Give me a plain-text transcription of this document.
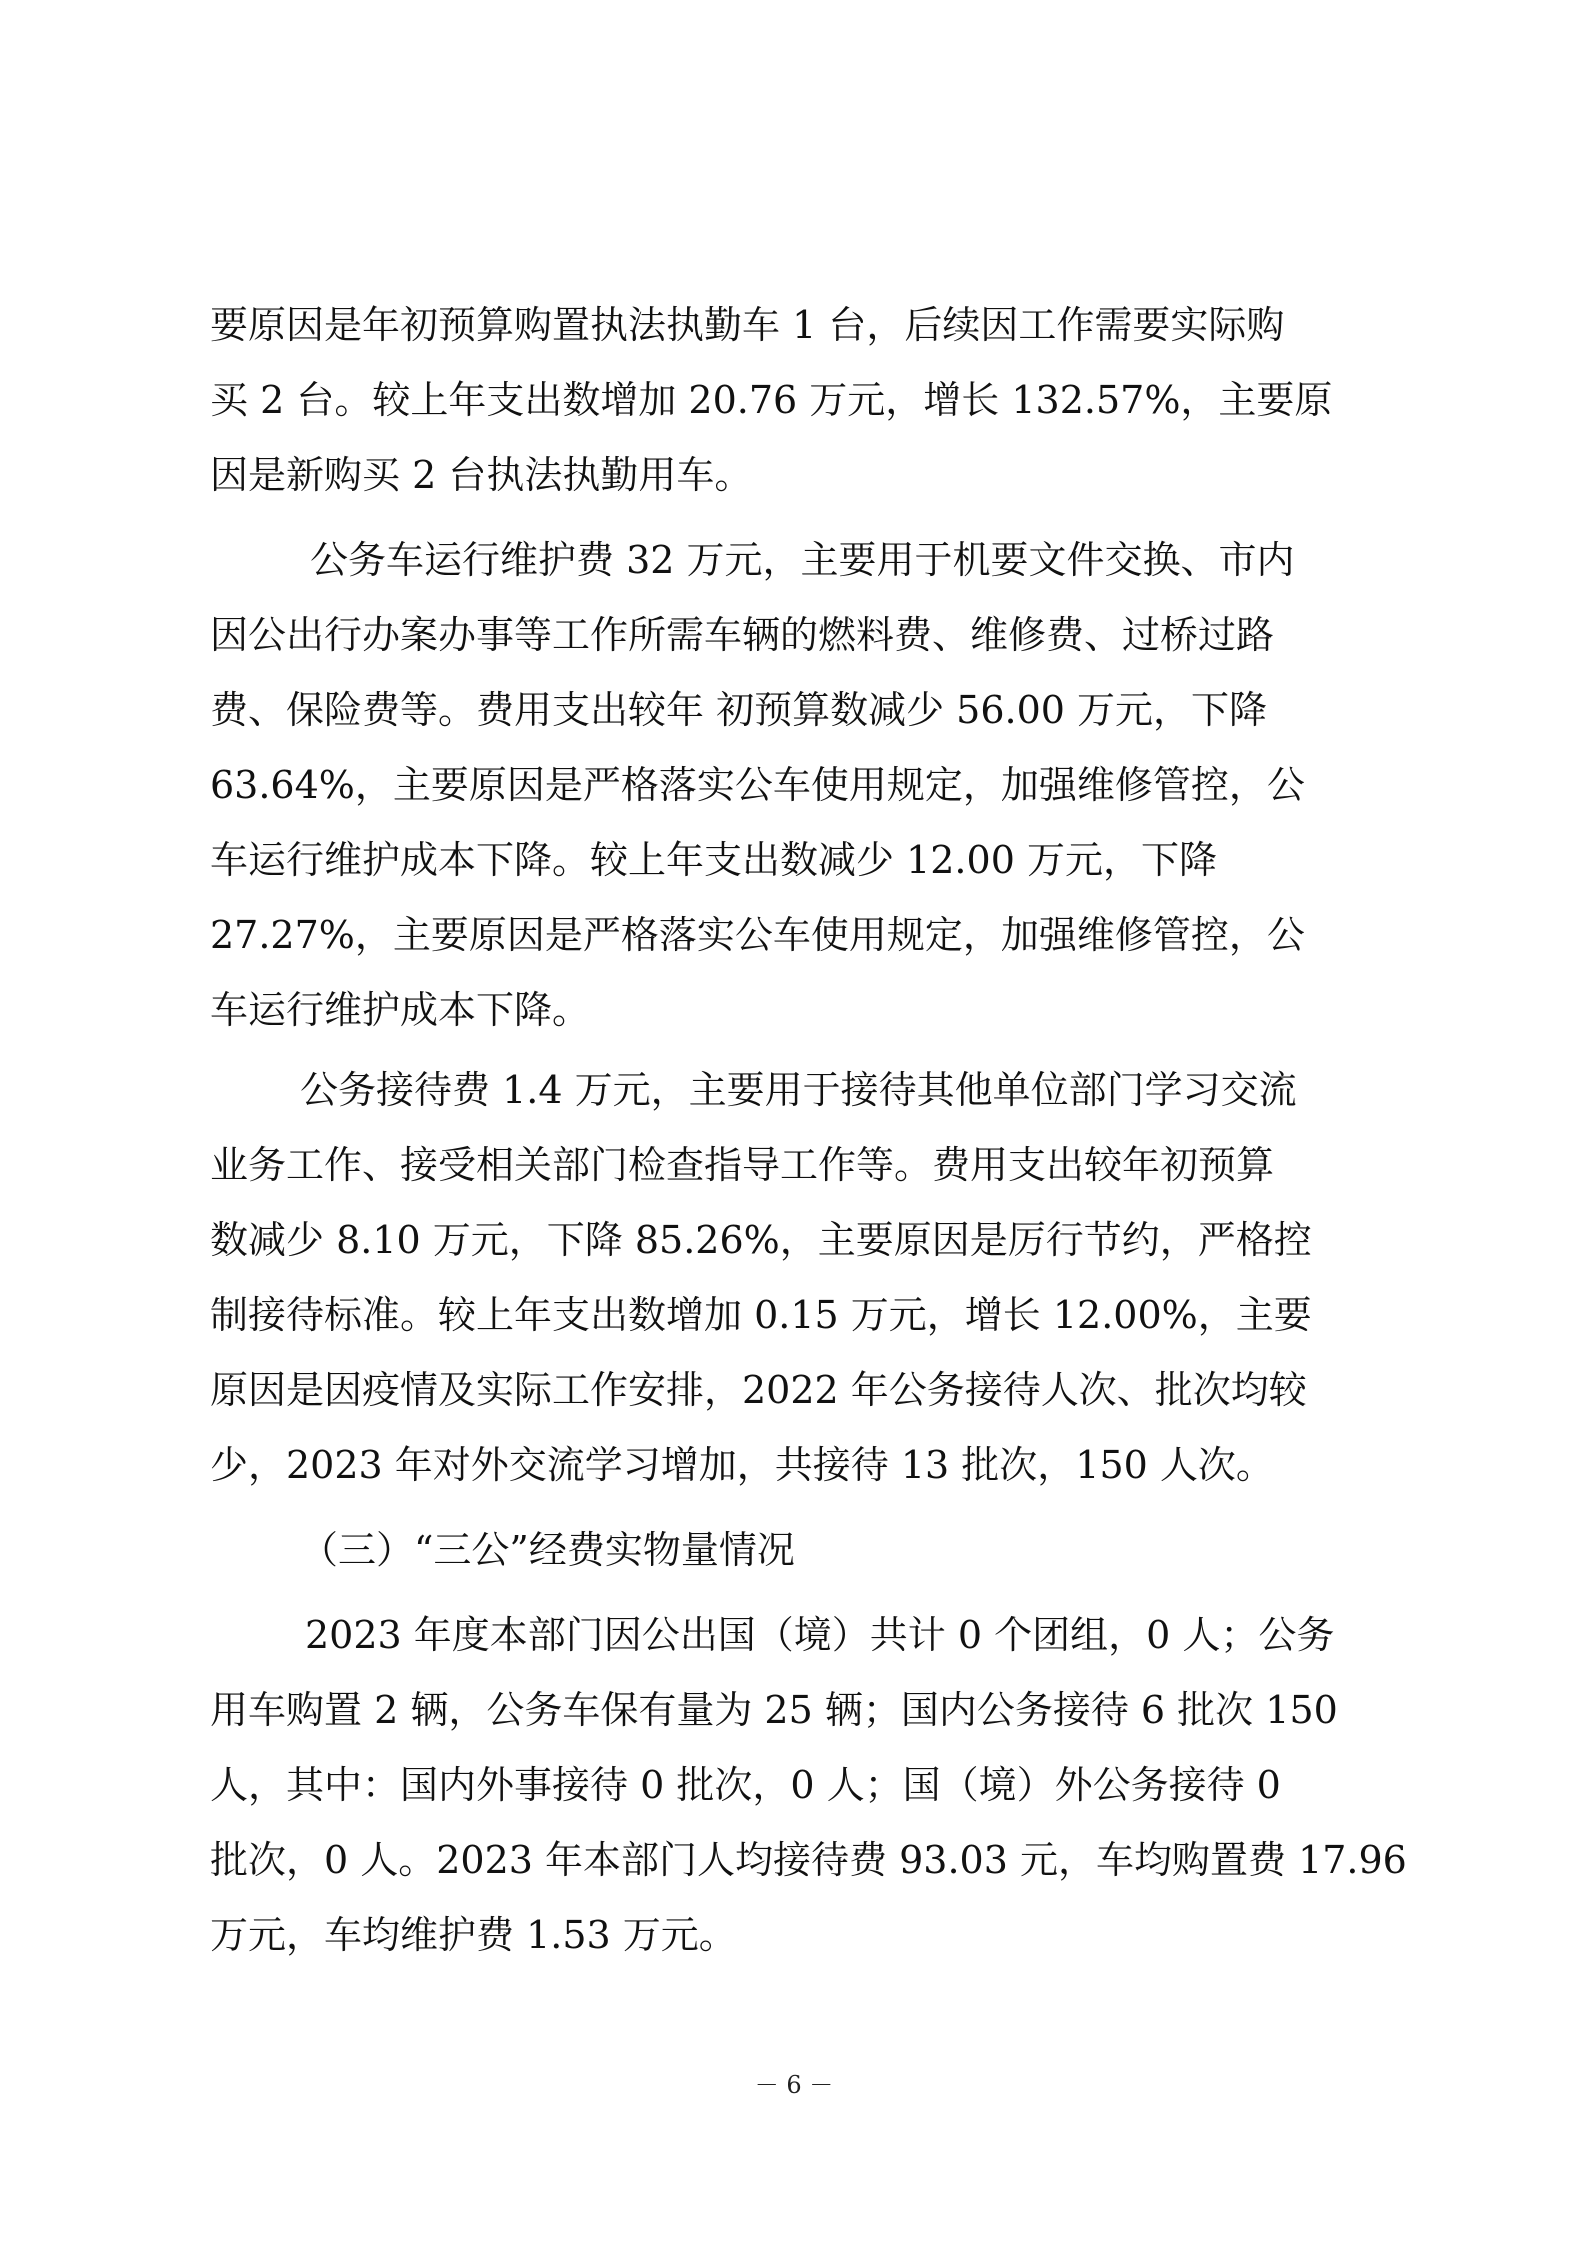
要原因是年初预算购置执法执勤车 1 台，后续因工作需要实际购
买 2 台。较上年支出数增加 20.76 万元，增长 132.57%，主要原
因是新购买 2 台执法执勤用车。
公务车运行维护费 32 万元，主要用于机要文件交换、市内
因公出行办案办事等工作所需车辆的燃料费、维修费、过桥过路
费、保险费等。费用支出较年 初预算数减少 56.00 万元，下降
63.64%，主要原因是严格落实公车使用规定，加强维修管控，公
车运行维护成本下降。较上年支出数减少 12.00 万元，下降
27.27%，主要原因是严格落实公车使用规定，加强维修管控，公
车运行维护成本下降。
公务接待费 1.4 万元，主要用于接待其他单位部门学习交流
业务工作、接受相关部门检查指导工作等。费用支出较年初预算
数减少 8.10 万元，下降 85.26%，主要原因是厉行节约，严格控
制接待标准。较上年支出数增加 0.15 万元，增长 12.00%，主要
原因是因疫情及实际工作安排，2022 年公务接待人次、批次均较
少，2023 年对外交流学习增加，共接待 13 批次，150 人次。
（三）“三公”经费实物量情况
2023 年度本部门因公出国（境）共计 0 个团组，0 人；公务
用车购置 2 辆，公务车保有量为 25 辆；国内公务接待 6 批次 150
人，其中：国内外事接待 0 批次，0 人；国（境）外公务接待 0
批次，0 人。2023 年本部门人均接待费 93.03 元，车均购置费 17.96
万元，车均维护费 1.53 万元。
－ 6 －
